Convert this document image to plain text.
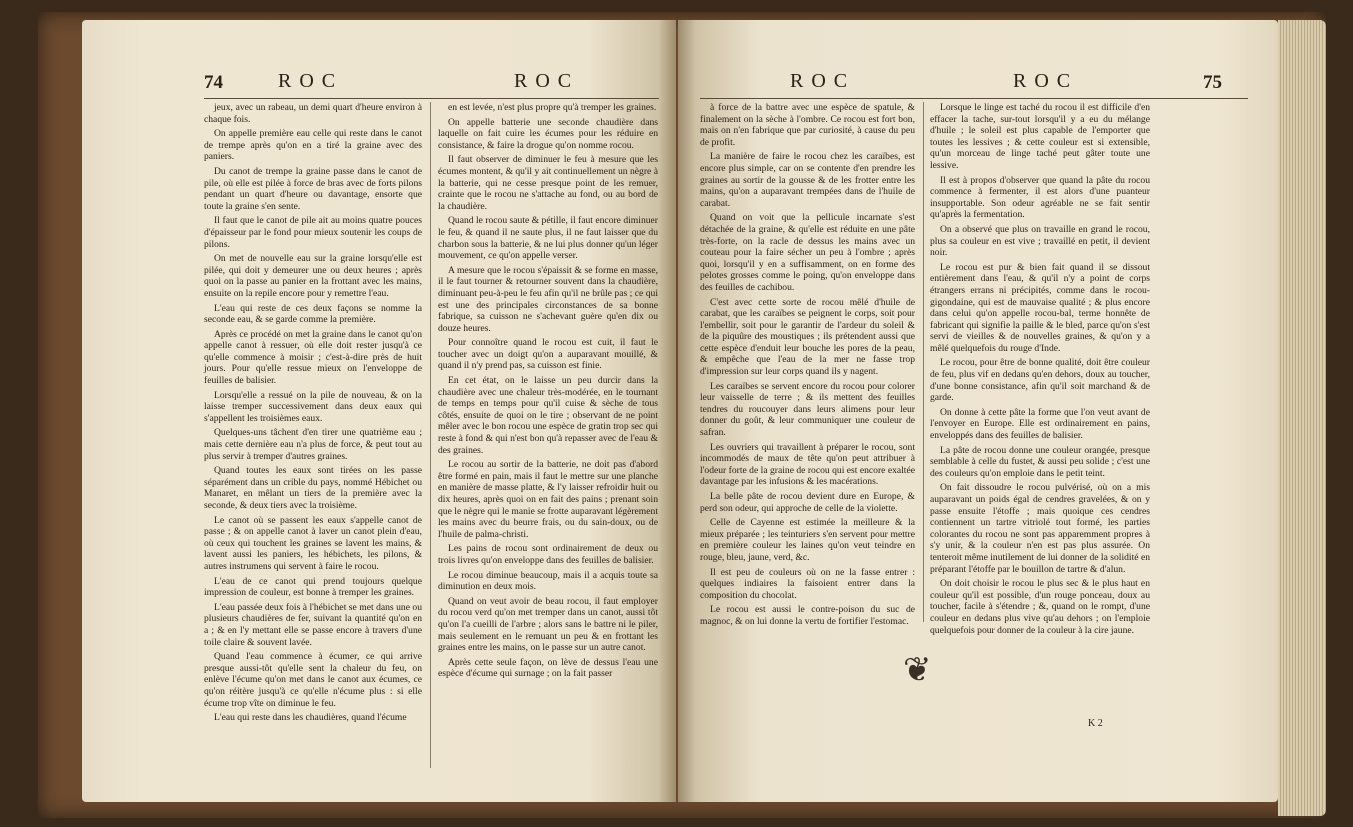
74	ROC	ROC

jeux, avec un rabeau, un demi quart d'heure environ à chaque fois.

On appelle première eau celle qui reste dans le canot de trempe après qu'on en a tiré la graine avec des paniers.

Du canot de trempe la graine passe dans le canot de pile, où elle est pilée à force de bras avec de forts pilons pendant un quart d'heure ou davantage, ensorte que toute la graine s'en sente.

Il faut que le canot de pile ait au moins quatre pouces d'épaisseur par le fond pour mieux soutenir les coups de pilons.

On met de nouvelle eau sur la graine lorsqu'elle est pilée, qui doit y demeurer une ou deux heures ; après quoi on la passe au panier en la frottant avec les mains, ensuite on la repile encore pour y remettre l'eau.

L'eau qui reste de ces deux façons se nomme la seconde eau, & se garde comme la première.

Après ce procédé on met la graine dans le canot qu'on appelle canot à ressuer, où elle doit rester jusqu'à ce qu'elle commence à moisir ; c'est-à-dire près de huit jours. Pour qu'elle ressue mieux on l'enveloppe de feuilles de balisier.

Lorsqu'elle a ressué on la pile de nouveau, & on la laisse tremper successivement dans deux eaux qui s'appellent les troisièmes eaux.

Quelques-uns tâchent d'en tirer une quatrième eau ; mais cette dernière eau n'a plus de force, & peut tout au plus servir à tremper d'autres graines.

Quand toutes les eaux sont tirées on les passe séparément dans un crible du pays, nommé Hébichet ou Manaret, en mêlant un tiers de la première avec la seconde, & deux tiers avec la troisième.

Le canot où se passent les eaux s'appelle canot de passe ; & on appelle canot à laver un canot plein d'eau, où ceux qui touchent les graines se lavent les mains, & lavent aussi les paniers, les hébichets, les pilons, & autres instrumens qui servent à faire le rocou.

L'eau de ce canot qui prend toujours quelque impression de couleur, est bonne à tremper les graines.

L'eau passée deux fois à l'hébichet se met dans une ou plusieurs chaudières de fer, suivant la quantité qu'on en a ; & en l'y mettant elle se passe encore à travers d'une toile claire & souvent lavée.

Quand l'eau commence à écumer, ce qui arrive presque aussi-tôt qu'elle sent la chaleur du feu, on enlève l'écume qu'on met dans le canot aux écumes, ce qu'on réitère jusqu'à ce qu'elle n'écume plus : si elle écume trop vîte on diminue le feu.

L'eau qui reste dans les chaudières, quand l'écume

en est levée, n'est plus propre qu'à tremper les graines.

On appelle batterie une seconde chaudière dans laquelle on fait cuire les écumes pour les réduire en consistance, & faire la drogue qu'on nomme rocou.

Il faut observer de diminuer le feu à mesure que les écumes montent, & qu'il y ait continuellement un nègre à la batterie, qui ne cesse presque point de les remuer, crainte que le rocou ne s'attache au fond, ou au bord de la chaudière.

Quand le rocou saute & pétille, il faut encore diminuer le feu, & quand il ne saute plus, il ne faut laisser que du charbon sous la batterie, & ne lui plus donner qu'un léger mouvement, ce qu'on appelle verser.

A mesure que le rocou s'épaissit & se forme en masse, il le faut tourner & retourner souvent dans la chaudière, diminuant peu-à-peu le feu afin qu'il ne brûle pas ; ce qui est une des principales circonstances de sa bonne fabrique, sa cuisson ne s'achevant guère qu'en dix ou douze heures.

Pour connoître quand le rocou est cuit, il faut le toucher avec un doigt qu'on a auparavant mouillé, & quand il n'y prend pas, sa cuisson est finie.

En cet état, on le laisse un peu durcir dans la chaudière avec une chaleur très-modérée, en le tournant de temps en temps pour qu'il cuise & sèche de tous côtés, ensuite de quoi on le tire ; observant de ne point mêler avec le bon rocou une espèce de gratin trop sec qui reste à fond & qui n'est bon qu'à repasser avec de l'eau & des graines.

Le rocou au sortir de la batterie, ne doit pas d'abord être formé en pain, mais il faut le mettre sur une planche en manière de masse platte, & l'y laisser refroidir huit ou dix heures, après quoi on en fait des pains ; prenant soin que le nègre qui le manie se frotte auparavant légèrement les mains avec du beurre frais, ou du sain-doux, ou de l'huile de palma-christi.

Les pains de rocou sont ordinairement de deux ou trois livres qu'on enveloppe dans des feuilles de balisier.

Le rocou diminue beaucoup, mais il a acquis toute sa diminution en deux mois.

Quand on veut avoir de beau rocou, il faut employer du rocou verd qu'on met tremper dans un canot, aussi tôt qu'on l'a cueilli de l'arbre ; alors sans le battre ni le piler, mais seulement en le remuant un peu & en frottant les graines entre les mains, on le passe sur un autre canot.

Après cette seule façon, on lève de dessus l'eau une espèce d'écume qui surnage ; on la fait passer

ROC	ROC	75

à force de la battre avec une espèce de spatule, & finalement on la sèche à l'ombre. Ce rocou est fort bon, mais on n'en fabrique que par curiosité, à cause du peu de profit.

La manière de faire le rocou chez les caraïbes, est encore plus simple, car on se contente d'en prendre les graines au sortir de la gousse & de les frotter entre les mains, qu'on a auparavant trempées dans de l'huile de carabat.

Quand on voit que la pellicule incarnate s'est détachée de la graine, & qu'elle est réduite en une pâte très-forte, on la racle de dessus les mains avec un couteau pour la faire sécher un peu à l'ombre ; après quoi, lorsqu'il y en a suffisamment, on en forme des pelotes grosses comme le poing, qu'on enveloppe dans des feuilles de cachibou.

C'est avec cette sorte de rocou mêlé d'huile de carabat, que les caraïbes se peignent le corps, soit pour l'embellir, soit pour le garantir de l'ardeur du soleil & de la piquûre des moustiques ; ils prétendent aussi que cette espèce d'enduit leur bouche les pores de la peau, & empêche que l'eau de la mer ne fasse trop d'impression sur leur corps quand ils y nagent.

Les caraïbes se servent encore du rocou pour colorer leur vaisselle de terre ; & ils mettent des feuilles tendres du roucouyer dans leurs alimens pour leur donner du goût, & leur communiquer une couleur de safran.

Les ouvriers qui travaillent à préparer le rocou, sont incommodés de maux de tête qu'on peut attribuer à l'odeur forte de la graine de rocou qui est encore exaltée davantage par les infusions & les macérations.

La belle pâte de rocou devient dure en Europe, & perd son odeur, qui approche de celle de la violette.

Celle de Cayenne est estimée la meilleure & la mieux préparée ; les teinturiers s'en servent pour mettre en première couleur les laines qu'on veut teindre en rouge, bleu, jaune, verd, &c.

Il est peu de couleurs où on ne la fasse entrer : quelques indiaires la faisoient entrer dans la composition du chocolat.

Le rocou est aussi le contre-poison du suc de magnoc, & on lui donne la vertu de fortifier l'estomac.

Lorsque le linge est taché du rocou il est difficile d'en effacer la tache, sur-tout lorsqu'il y a eu du mélange d'huile ; le soleil est plus capable de l'emporter que toutes les lessives ; & cette couleur est si extensible, qu'un morceau de linge taché peut gâter toute une lessive.

Il est à propos d'observer que quand la pâte du rocou commence à fermenter, il est alors d'une puanteur insupportable. Son odeur agréable ne se fait sentir qu'après la fermentation.

On a observé que plus on travaille en grand le rocou, plus sa couleur en est vive ; travaillé en petit, il devient noir.

Le rocou est pur & bien fait quand il se dissout entièrement dans l'eau, & qu'il n'y a point de corps étrangers errans ni précipités, comme dans le rocou-gigondaine, qui est de mauvaise qualité ; & plus encore dans celui qu'on appelle rocou-bal, terme honnête de fabricant qui signifie la paille & le bled, parce qu'on s'est servi de vieilles & de nouvelles graines, & qu'on y a mêlé quelquefois du rouge d'Inde.

Le rocou, pour être de bonne qualité, doit être couleur de feu, plus vif en dedans qu'en dehors, doux au toucher, d'une bonne consistance, afin qu'il soit marchand & de garde.

On donne à cette pâte la forme que l'on veut avant de l'envoyer en Europe. Elle est ordinairement en pains, enveloppés dans des feuilles de balisier.

La pâte de rocou donne une couleur orangée, presque semblable à celle du fustet, & aussi peu solide ; c'est une des couleurs qu'on emploie dans le petit teint.

On fait dissoudre le rocou pulvérisé, où on a mis auparavant un poids égal de cendres gravelées, & on y passe ensuite l'étoffe ; mais quoique ces cendres contiennent un tartre vitriolé tout formé, les parties colorantes du rocou ne sont pas apparemment propres à s'y unir, & la couleur n'en est pas plus assurée. On tenteroit même inutilement de lui donner de la solidité en préparant l'étoffe par le bouillon de tartre & d'alun.

On doit choisir le rocou le plus sec & le plus haut en couleur qu'il est possible, d'un rouge ponceau, doux au toucher, facile à s'étendre ; &, quand on le rompt, d'une couleur en dedans plus vive qu'au dehors ; on l'emploie quelquefois pour donner de la couleur à la cire jaune.

❦
K 2
